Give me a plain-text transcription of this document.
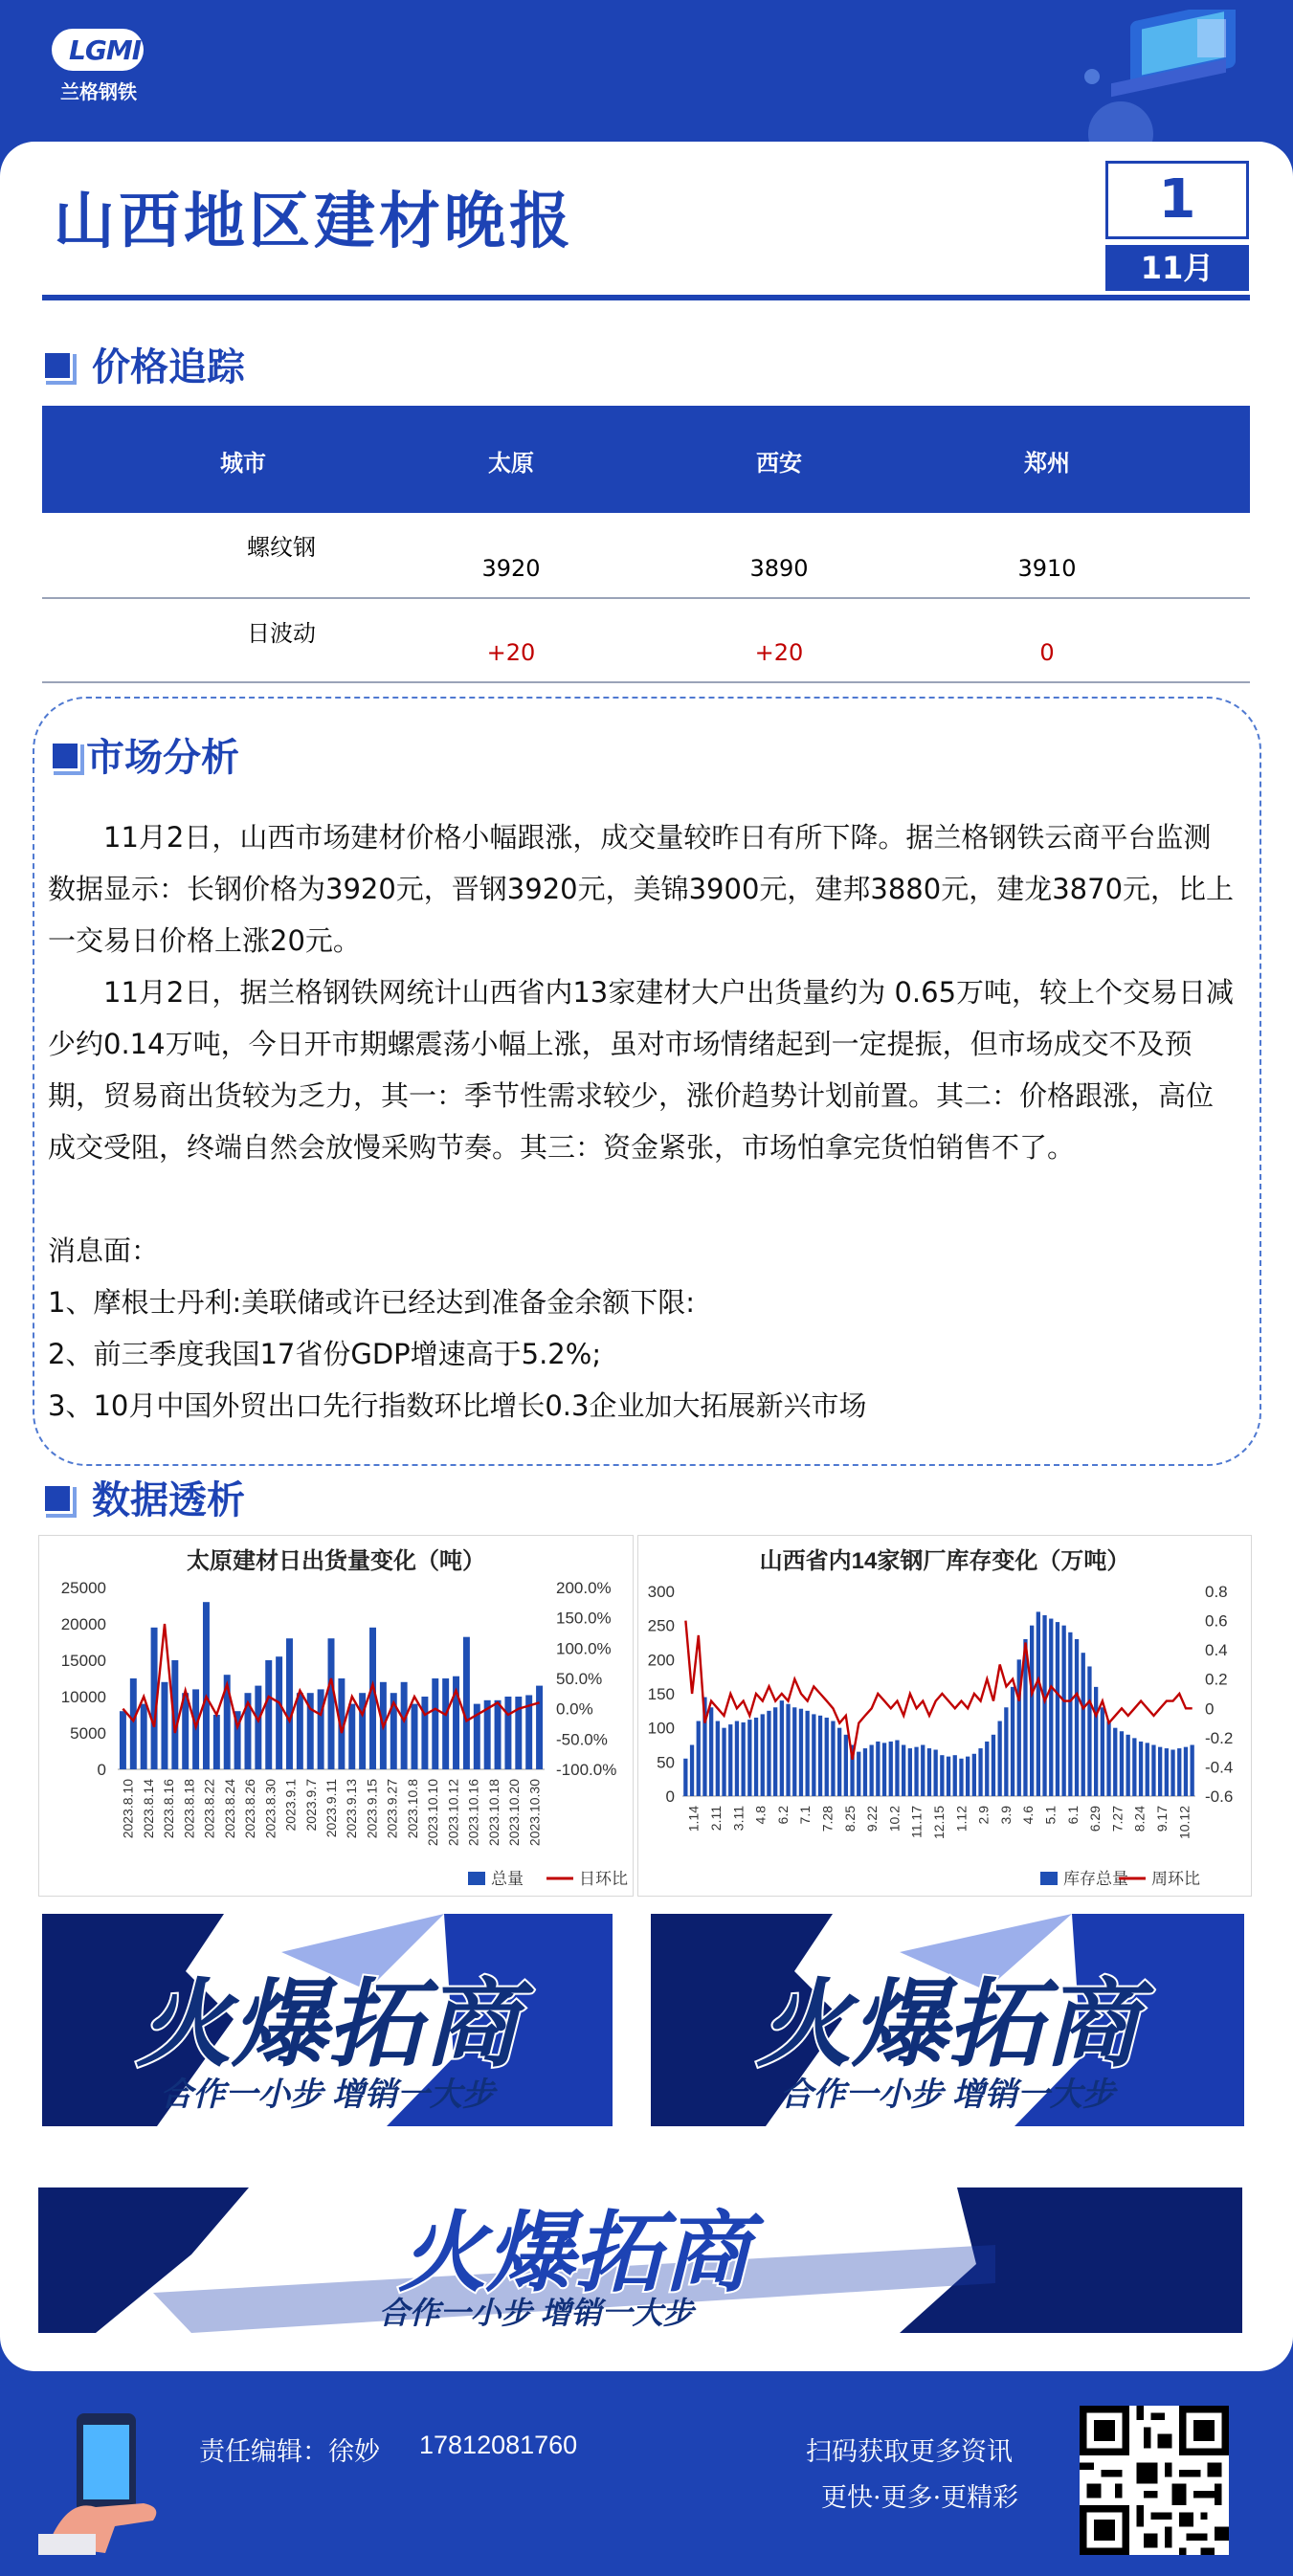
LGMI
兰格钢铁
山西地区建材晚报	1
11月
价格追踪
城市	太原	西安	郑州
螺纹钢
3920	3890	3910
日波动
+20	+20	0
市场分析
11月2日，山西市场建材价格小幅跟涨，成交量较昨日有所下降。据兰格钢铁云商平台监测数据显示：长钢价格为3920元，晋钢3920元，美锦3900元，建邦3880元，建龙3870元，比上一交易日价格上涨20元。
11月2日，据兰格钢铁网统计山西省内13家建材大户出货量约为 0.65万吨，较上个交易日减少约0.14万吨，今日开市期螺震荡小幅上涨，虽对市场情绪起到一定提振，但市场成交不及预期，贸易商出货较为乏力，其一：季节性需求较少，涨价趋势计划前置。其二：价格跟涨，高位成交受阻，终端自然会放慢采购节奏。其三：资金紧张，市场怕拿完货怕销售不了。
消息面：
1、摩根士丹利:美联储或许已经达到准备金余额下限:
2、前三季度我国17省份GDP增速高于5.2%;
3、10月中国外贸出口先行指数环比增长0.3企业加大拓展新兴市场
数据透析
太原建材日出货量变化（吨）
25000
20000
15000
10000
5000
0
200.0%
150.0%
100.0%
50.0%
0.0%
-50.0%
-100.0%
2023.8.10 2023.8.14 2023.8.16 2023.8.18 2023.8.22 2023.8.24 2023.8.26 2023.8.30 2023.9.1 2023.9.7 2023.9.11 2023.9.13 2023.9.15 2023.9.27 2023.10.8 2023.10.10 2023.10.12 2023.10.16 2023.10.18 2023.10.20 2023.10.30
总量	日环比
山西省内14家钢厂库存变化（万吨）
300
250
200
150
100
50
0
0.8
0.6
0.4
0.2
0
-0.2
-0.4
-0.6
1.14 2.11 3.11 4.8 6.2 7.1 7.28 8.25 9.22 10.2 11.17 12.15 1.12 2.9 3.9 4.6 5.1 6.1 6.29 7.27 8.24 9.17 10.12
库存总量 周环比
火爆拓商
合作一小步 增销一大步
火爆拓商
合作一小步 增销一大步
火爆拓商
合作一小步 增销一大步
责任编辑：徐妙 17812081760	扫码获取更多资讯
更快·更多·更精彩
